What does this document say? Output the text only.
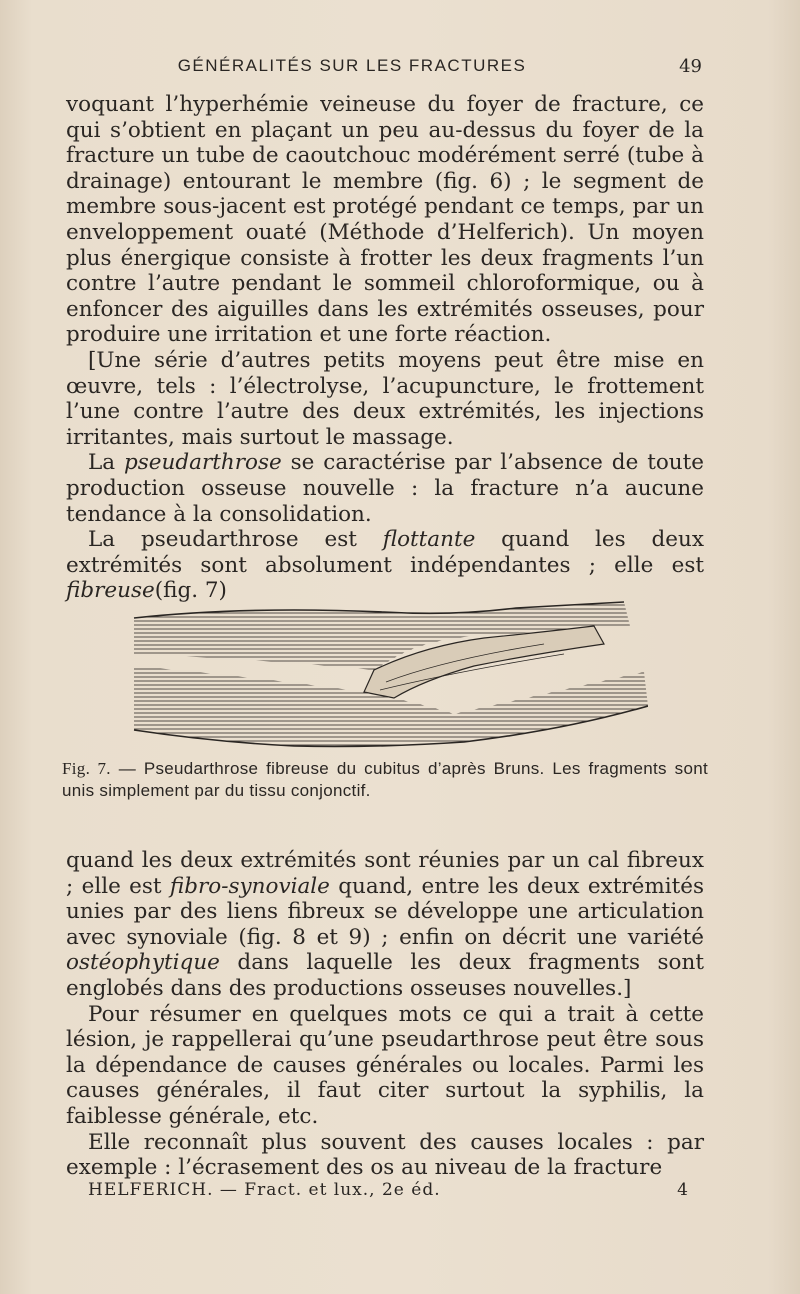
GÉNÉRALITÉS SUR LES FRACTURES	49

voquant l’hyperhémie veineuse du foyer de fracture, ce qui s’obtient en plaçant un peu au-dessus du foyer de la fracture un tube de caoutchouc modérément serré (tube à drainage) entourant le membre (fig. 6) ; le segment de membre sous-jacent est protégé pendant ce temps, par un enveloppement ouaté (Méthode d’Helferich). Un moyen plus énergique consiste à frotter les deux fragments l’un contre l’autre pendant le sommeil chloroformique, ou à enfoncer des aiguilles dans les extrémités osseuses, pour produire une irritation et une forte réaction.

[Une série d’autres petits moyens peut être mise en œuvre, tels : l’électrolyse, l’acupuncture, le frottement l’une contre l’autre des deux extrémités, les injections irritantes, mais surtout le massage.

La pseudarthrose se caractérise par l’absence de toute production osseuse nouvelle : la fracture n’a aucune tendance à la consolidation.

La pseudarthrose est flottante quand les deux extrémités sont absolument indépendantes ; elle est fibreuse(fig. 7)

Fig. 7. — Pseudarthrose fibreuse du cubitus d’après Bruns. Les fragments sont unis simplement par du tissu conjonctif.

quand les deux extrémités sont réunies par un cal fibreux ; elle est fibro-synoviale quand, entre les deux extrémités unies par des liens fibreux se développe une articulation avec synoviale (fig. 8 et 9) ; enfin on décrit une variété ostéophytique dans laquelle les deux fragments sont englobés dans des productions osseuses nouvelles.]

Pour résumer en quelques mots ce qui a trait à cette lésion, je rappellerai qu’une pseudarthrose peut être sous la dépendance de causes générales ou locales. Parmi les causes générales, il faut citer surtout la syphilis, la faiblesse générale, etc.

Elle reconnaît plus souvent des causes locales : par exemple : l’écrasement des os au niveau de la fracture

HELFERICH. — Fract. et lux., 2e éd.	4
